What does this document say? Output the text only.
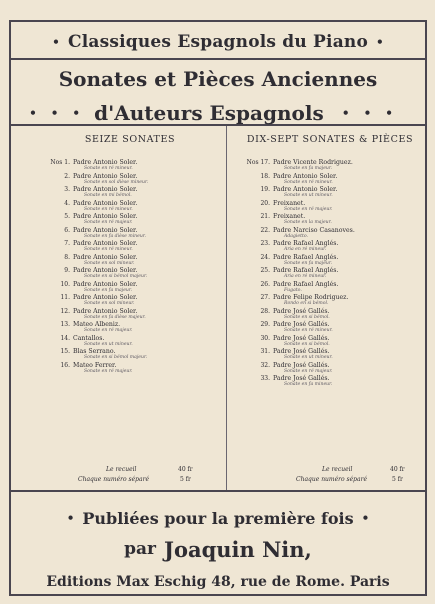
• Classiques Espagnols du Piano •
Sonates et Pièces Anciennes
••• d'Auteurs Espagnols •••
SEIZE SONATES
Nos 1. Padre Antonio Soler.
Sonate en ré mineur.
2. Padre Antonio Soler.
Sonate en sol dièse mineur.
3. Padre Antonio Soler.
Sonate en mi bémol.
4. Padre Antonio Soler.
Sonate en ré mineur.
5. Padre Antonio Soler.
Sonate en ré majeur.
6. Padre Antonio Soler.
Sonate en fa dièse mineur.
7. Padre Antonio Soler.
Sonate en ré mineur.
8. Padre Antonio Soler.
Sonate en sol mineur.
9. Padre Antonio Soler.
Sonate en si bémol majeur.
10. Padre Antonio Soler.
Sonate en fa majeur.
11. Padre Antonio Soler.
Sonate en sol mineur.
12. Padre Antonio Soler.
Sonate en fa dièse majeur.
13. Mateo Albeniz.
Sonate en ré majeur.
14. Cantallos.
Sonate en ut mineur.
15. Blas Serrano.
Sonate en si bémol majeur.
16. Mateo Ferrer.
Sonate en ré majeur.
DIX-SEPT SONATES & PIÈCES
Nos 17. Padre Vicente Rodriguez.
Sonate en fa majeur.
18. Padre Antonio Soler.
Sonate en ré mineur.
19. Padre Antonio Soler.
Sonate en ut mineur.
20. Freixanet.
Sonate en ré majeur.
21. Freixanet.
Sonate en la majeur.
22. Padre Narciso Casanoves.
Adagietto.
23. Padre Rafael Anglés.
Aria en ré mineur.
24. Padre Rafael Anglés.
Sonate en fa majeur.
25. Padre Rafael Anglés.
Aria en ré mineur.
26. Padre Rafael Anglés.
Fugato.
27. Padre Felipe Rodriguez.
Rondo en si bémol.
28. Padre José Gallés.
Sonate en si bémol.
29. Padre José Gallés.
Sonate en ré mineur.
30. Padre José Gallés.
Sonate en si bémol.
31. Padre José Gallés.
Sonate en ut mineur.
32. Padre José Gallés.
Sonate en ré majeur.
33. Padre José Gallés.
Sonate en fa mineur.
Le recueil	40 fr
Chaque numéro séparé	5 fr
Le recueil	40 fr
Chaque numéro séparé	5 fr
• Publiées pour la première fois •
par Joaquin Nin,
Editions Max Eschig 48, rue de Rome. Paris
